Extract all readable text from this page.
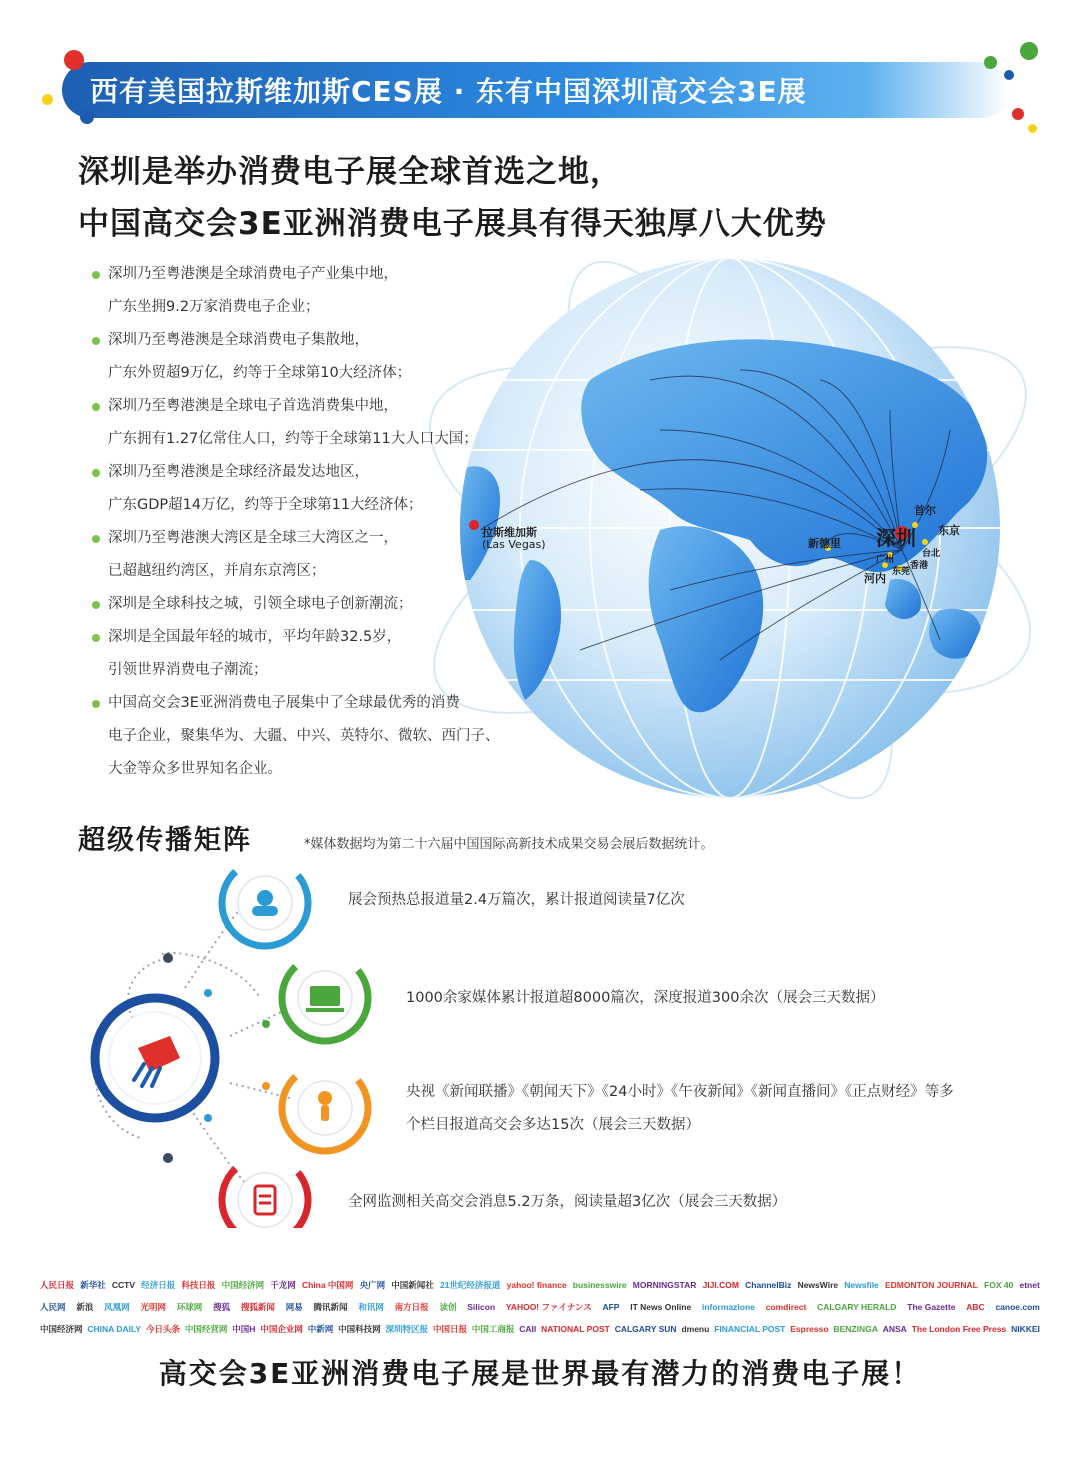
西有美国拉斯维加斯CES展 · 东有中国深圳高交会3E展
深圳是举办消费电子展全球首选之地，
中国高交会3E亚洲消费电子展具有得天独厚八大优势
拉斯维加斯
(Las Vegas)	深圳
首尔
东京
新德里
广州
台北
香港
东莞
河内
深圳乃至粤港澳是全球消费电子产业集中地，
广东坐拥9.2万家消费电子企业；
深圳乃至粤港澳是全球消费电子集散地，
广东外贸超9万亿，约等于全球第10大经济体；
深圳乃至粤港澳是全球电子首选消费集中地，
广东拥有1.27亿常住人口，约等于全球第11大人口大国；
深圳乃至粤港澳是全球经济最发达地区，
广东GDP超14万亿，约等于全球第11大经济体；
深圳乃至粤港澳大湾区是全球三大湾区之一，
已超越纽约湾区，并肩东京湾区；
深圳是全球科技之城，引领全球电子创新潮流；
深圳是全国最年轻的城市，平均年龄32.5岁，
引领世界消费电子潮流；
中国高交会3E亚洲消费电子展集中了全球最优秀的消费
电子企业，聚集华为、大疆、中兴、英特尔、微软、西门子、
大金等众多世界知名企业。
超级传播矩阵	*媒体数据均为第二十六届中国国际高新技术成果交易会展后数据统计。
展会预热总报道量2.4万篇次，累计报道阅读量7亿次
1000余家媒体累计报道超8000篇次，深度报道300余次（展会三天数据）
央视《新闻联播》《朝闻天下》《24小时》《午夜新闻》《新闻直播间》《正点财经》等多
个栏目报道高交会多达15次（展会三天数据）
全网监测相关高交会消息5.2万条，阅读量超3亿次（展会三天数据）
人民日报 新华社 CCTV 经济日报 科技日报 中国经济网 千龙网 China 中国网 央广网 中国新闻社 21世纪经济报道 yahoo! finance businesswire MORNINGSTAR JIJI.COM ChannelBiz NewsWire Newsfile EDMONTON JOURNAL FOX 40 etnet
人民网 新浪 凤凰网 光明网 环球网 搜狐 搜狐新闻 网易 腾讯新闻 和讯网 南方日报 读创 Silicon YAHOO! ファイナンス AFP IT News Online informazione comdirect CALGARY HERALD The Gazette ABC canoe.com
中国经济网 CHINA DAILY 今日头条 中国经营网 中国H 中国企业网 中新网 中国科技网 深圳特区报 中国日报 中国工商报 CAII NATIONAL POST CALGARY SUN dmenu FINANCIAL POST Espresso BENZINGA ANSA The London Free Press NIKKEI
高交会3E亚洲消费电子展是世界最有潜力的消费电子展！
